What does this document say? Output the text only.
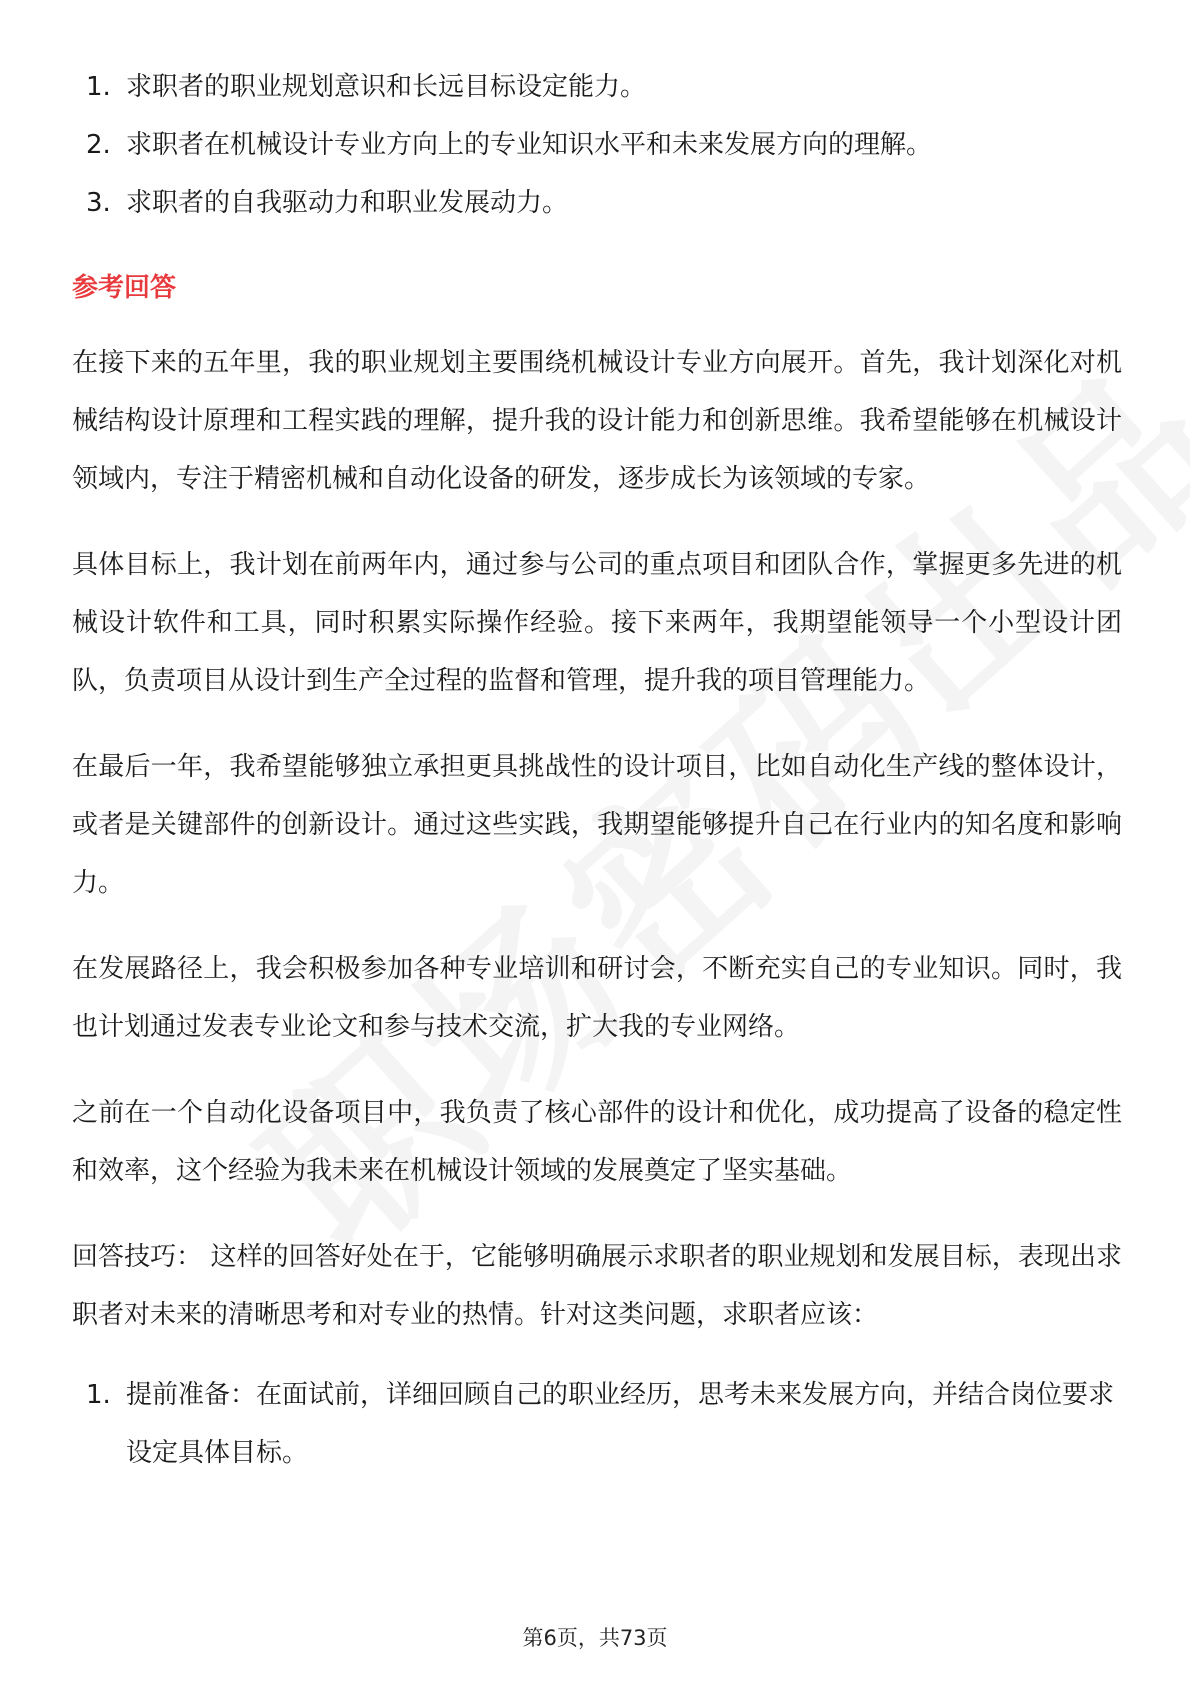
1. 求职者的职业规划意识和长远目标设定能力。
2. 求职者在机械设计专业方向上的专业知识水平和未来发展方向的理解。
3. 求职者的自我驱动力和职业发展动力。
参考回答

在接下来的五年里，我的职业规划主要围绕机械设计专业方向展开。首先，我计划深化对机械结构设计原理和工程实践的理解，提升我的设计能力和创新思维。我希望能够在机械设计领域内，专注于精密机械和自动化设备的研发，逐步成长为该领域的专家。

具体目标上，我计划在前两年内，通过参与公司的重点项目和团队合作，掌握更多先进的机械设计软件和工具，同时积累实际操作经验。接下来两年，我期望能领导一个小型设计团队，负责项目从设计到生产全过程的监督和管理，提升我的项目管理能力。

在最后一年，我希望能够独立承担更具挑战性的设计项目，比如自动化生产线的整体设计，或者是关键部件的创新设计。通过这些实践，我期望能够提升自己在行业内的知名度和影响力。

在发展路径上，我会积极参加各种专业培训和研讨会，不断充实自己的专业知识。同时，我也计划通过发表专业论文和参与技术交流，扩大我的专业网络。

之前在一个自动化设备项目中，我负责了核心部件的设计和优化，成功提高了设备的稳定性和效率，这个经验为我未来在机械设计领域的发展奠定了坚实基础。

回答技巧： 这样的回答好处在于，它能够明确展示求职者的职业规划和发展目标，表现出求职者对未来的清晰思考和对专业的热情。针对这类问题，求职者应该：

1. 提前准备：在面试前，详细回顾自己的职业经历，思考未来发展方向，并结合岗位要求设定具体目标。
第6页，共73页
